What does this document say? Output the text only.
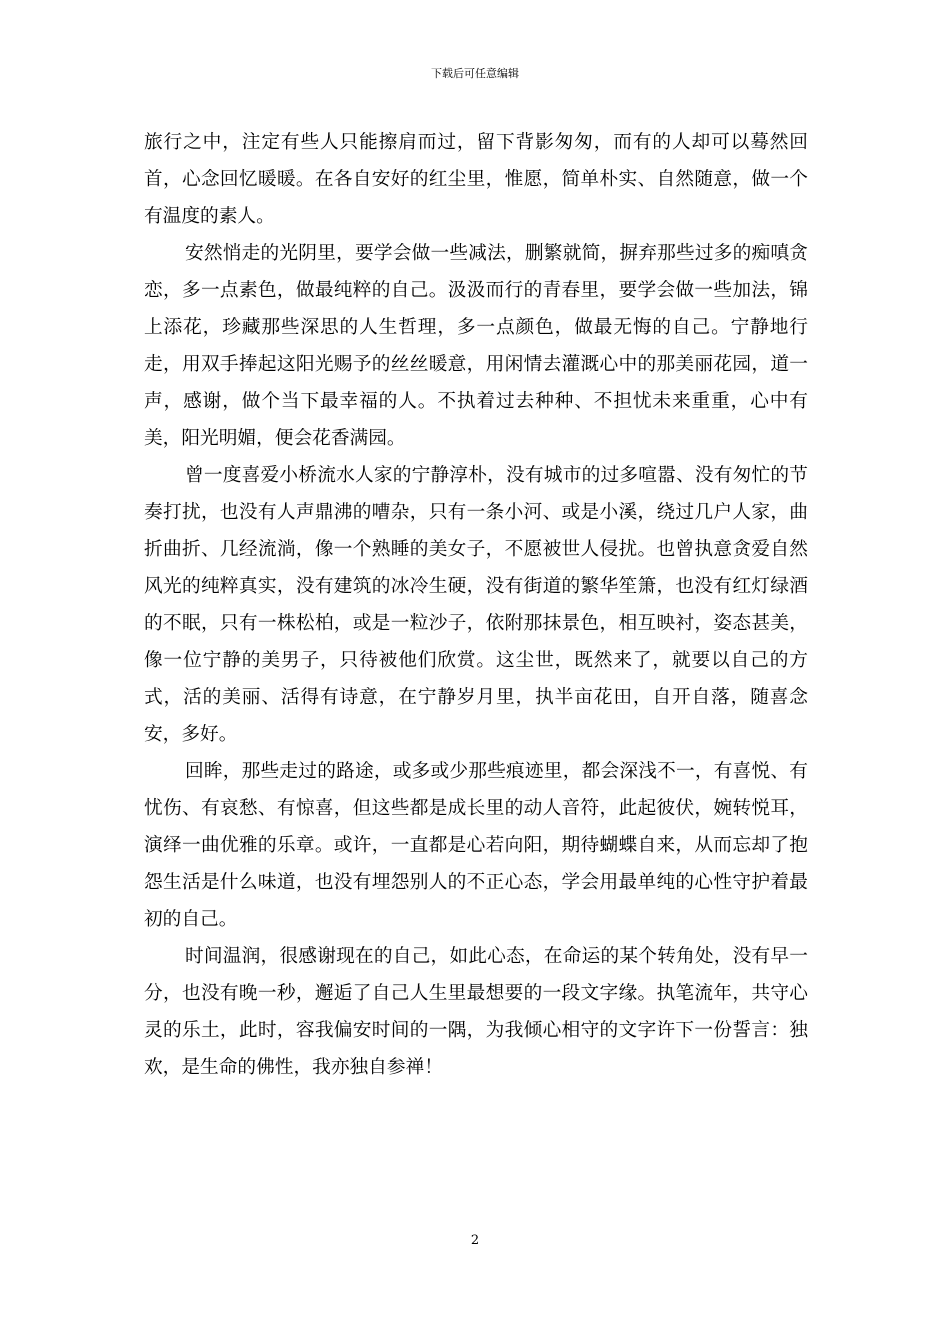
下载后可任意编辑

旅行之中，注定有些人只能擦肩而过，留下背影匆匆，而有的人却可以蓦然回首，心念回忆暖暖。在各自安好的红尘里，惟愿，简单朴实、自然随意，做一个有温度的素人。

安然悄走的光阴里，要学会做一些减法，删繁就简，摒弃那些过多的痴嗔贪恋，多一点素色，做最纯粹的自己。汲汲而行的青春里，要学会做一些加法，锦上添花，珍藏那些深思的人生哲理，多一点颜色，做最无悔的自己。宁静地行走，用双手捧起这阳光赐予的丝丝暖意，用闲情去灌溉心中的那美丽花园，道一声，感谢，做个当下最幸福的人。不执着过去种种、不担忧未来重重，心中有美，阳光明媚，便会花香满园。

曾一度喜爱小桥流水人家的宁静淳朴，没有城市的过多喧嚣、没有匆忙的节奏打扰，也没有人声鼎沸的嘈杂，只有一条小河、或是小溪，绕过几户人家，曲折曲折、几经流淌，像一个熟睡的美女子，不愿被世人侵扰。也曾执意贪爱自然风光的纯粹真实，没有建筑的冰冷生硬，没有街道的繁华笙箫，也没有红灯绿酒的不眠，只有一株松柏，或是一粒沙子，依附那抹景色，相互映衬，姿态甚美，像一位宁静的美男子，只待被他们欣赏。这尘世，既然来了，就要以自己的方式，活的美丽、活得有诗意，在宁静岁月里，执半亩花田，自开自落，随喜念安，多好。

回眸，那些走过的路途，或多或少那些痕迹里，都会深浅不一，有喜悦、有忧伤、有哀愁、有惊喜，但这些都是成长里的动人音符，此起彼伏，婉转悦耳，演绎一曲优雅的乐章。或许，一直都是心若向阳，期待蝴蝶自来，从而忘却了抱怨生活是什么味道，也没有埋怨别人的不正心态，学会用最单纯的心性守护着最初的自己。

时间温润，很感谢现在的自己，如此心态，在命运的某个转角处，没有早一分，也没有晚一秒，邂逅了自己人生里最想要的一段文字缘。执笔流年，共守心灵的乐土，此时，容我偏安时间的一隅，为我倾心相守的文字许下一份誓言：独欢，是生命的佛性，我亦独自参禅！

2
